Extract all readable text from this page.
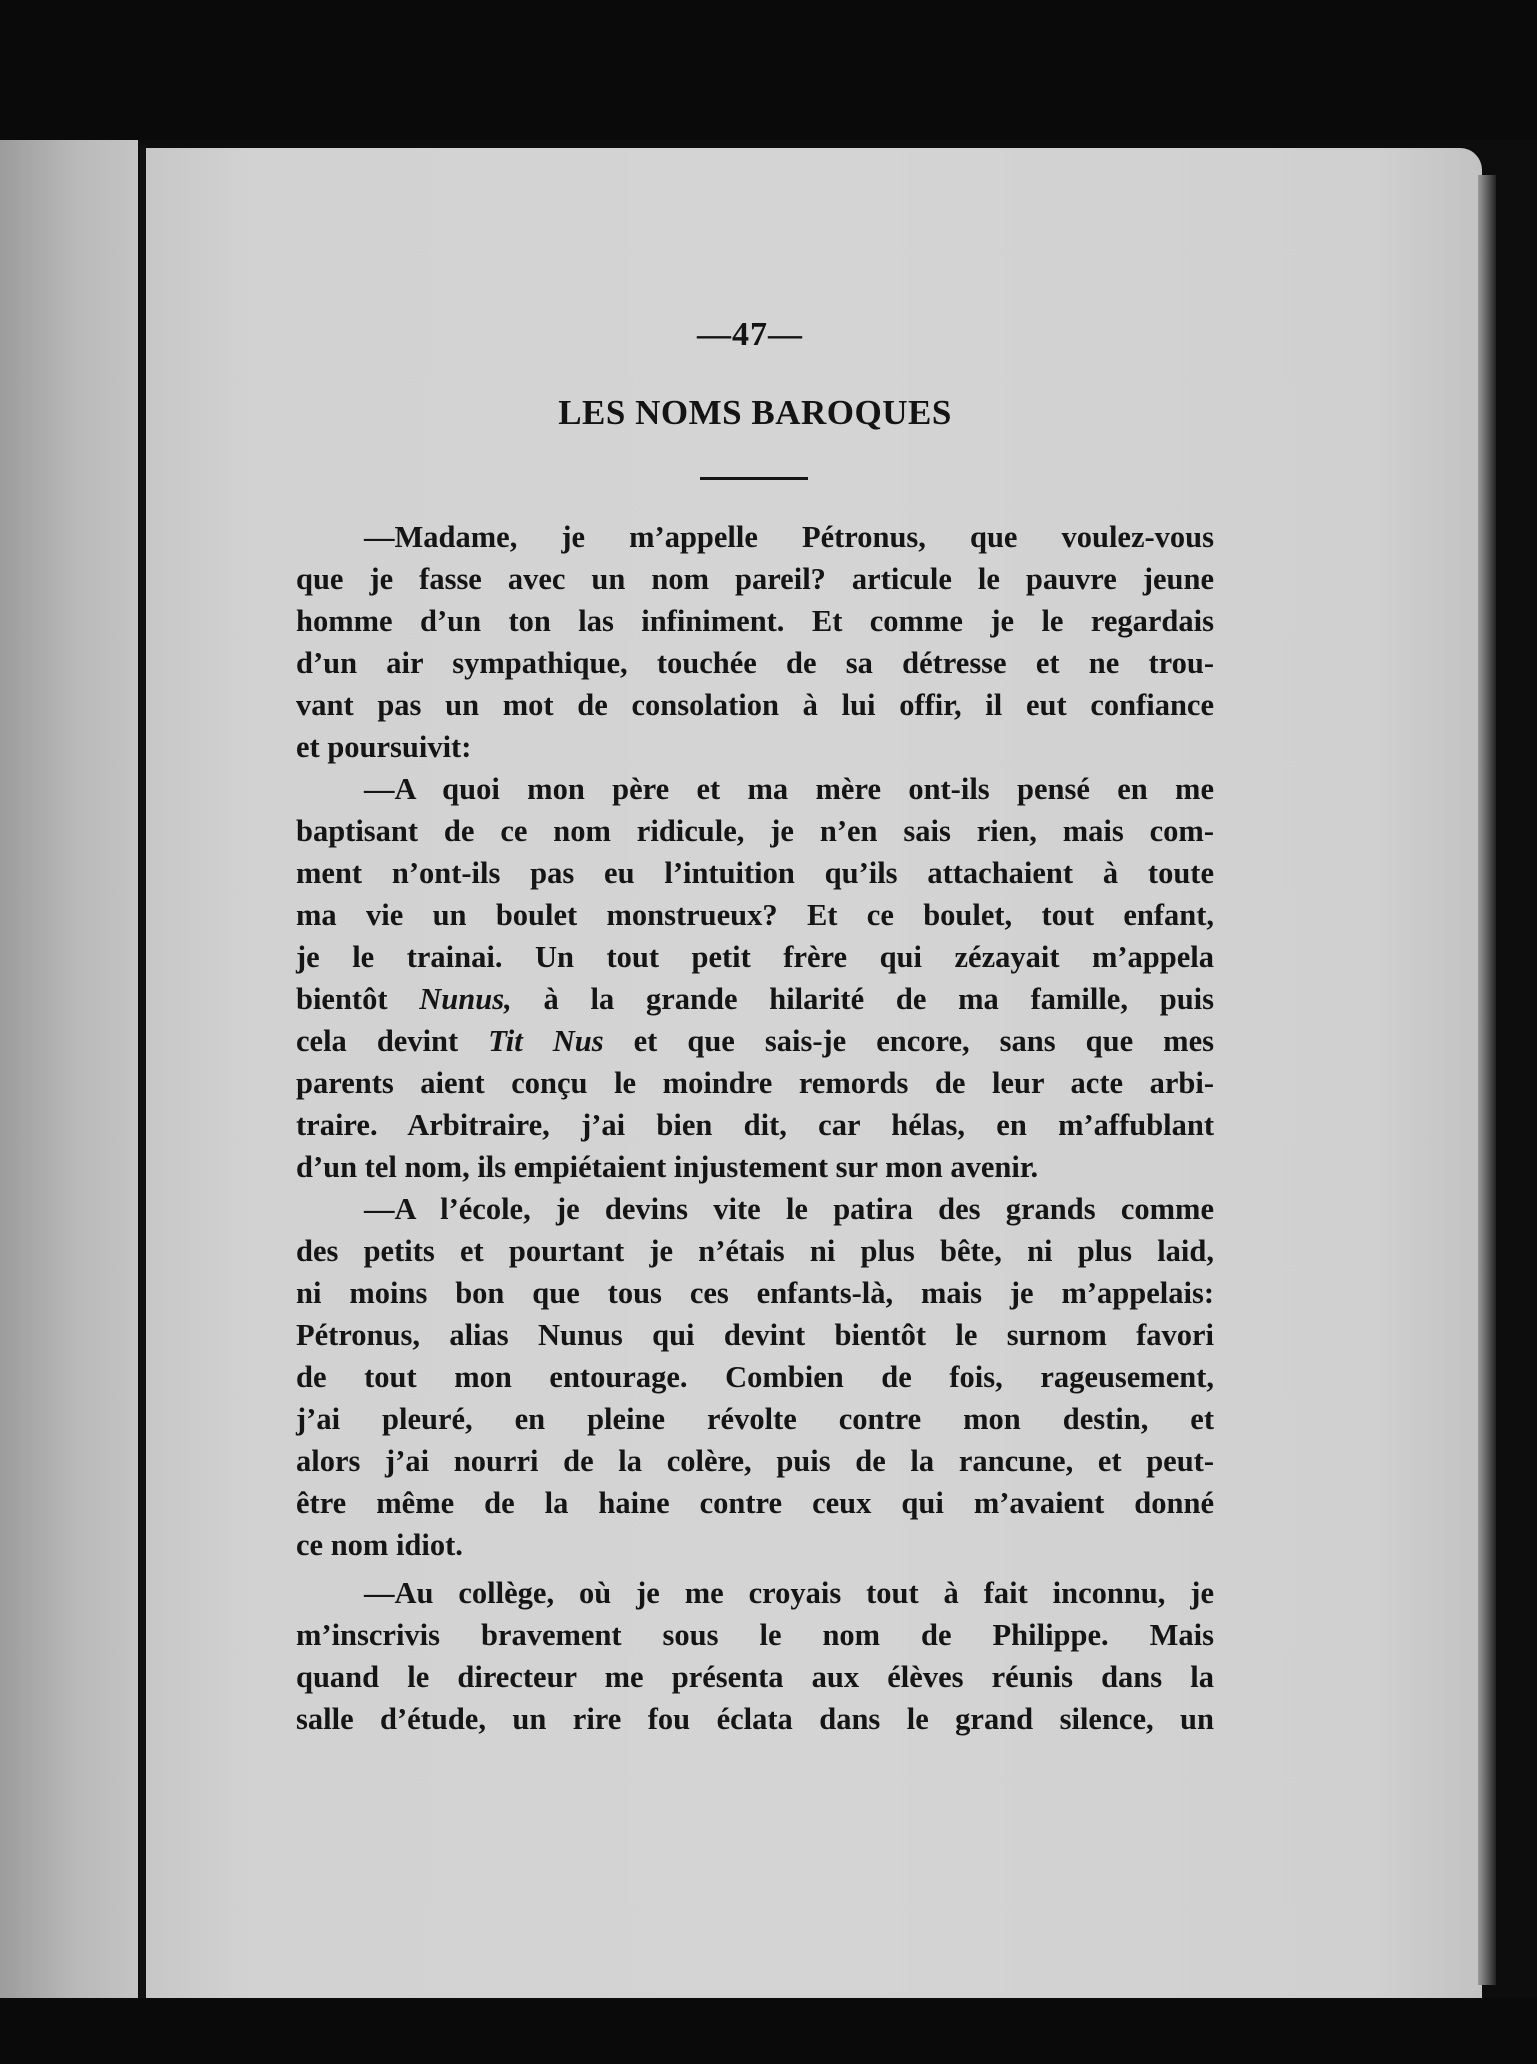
—47—
LES NOMS BAROQUES
—Madame, je m’appelle Pétronus, que voulez-vous
que je fasse avec un nom pareil? articule le pauvre jeune
homme d’un ton las infiniment. Et comme je le regardais
d’un air sympathique, touchée de sa détresse et ne trou-
vant pas un mot de consolation à lui offir, il eut confiance
et poursuivit:
—A quoi mon père et ma mère ont-ils pensé en me
baptisant de ce nom ridicule, je n’en sais rien, mais com-
ment n’ont-ils pas eu l’intuition qu’ils attachaient à toute
ma vie un boulet monstrueux? Et ce boulet, tout enfant,
je le trainai. Un tout petit frère qui zézayait m’appela
bientôt Nunus, à la grande hilarité de ma famille, puis
cela devint Tit Nus et que sais-je encore, sans que mes
parents aient conçu le moindre remords de leur acte arbi-
traire. Arbitraire, j’ai bien dit, car hélas, en m’affublant
d’un tel nom, ils empiétaient injustement sur mon avenir.
—A l’école, je devins vite le patira des grands comme
des petits et pourtant je n’étais ni plus bête, ni plus laid,
ni moins bon que tous ces enfants-là, mais je m’appelais:
Pétronus, alias Nunus qui devint bientôt le surnom favori
de tout mon entourage. Combien de fois, rageusement,
j’ai pleuré, en pleine révolte contre mon destin, et
alors j’ai nourri de la colère, puis de la rancune, et peut-
être même de la haine contre ceux qui m’avaient donné
ce nom idiot.
—Au collège, où je me croyais tout à fait inconnu, je
m’inscrivis bravement sous le nom de Philippe. Mais
quand le directeur me présenta aux élèves réunis dans la
salle d’étude, un rire fou éclata dans le grand silence, un
